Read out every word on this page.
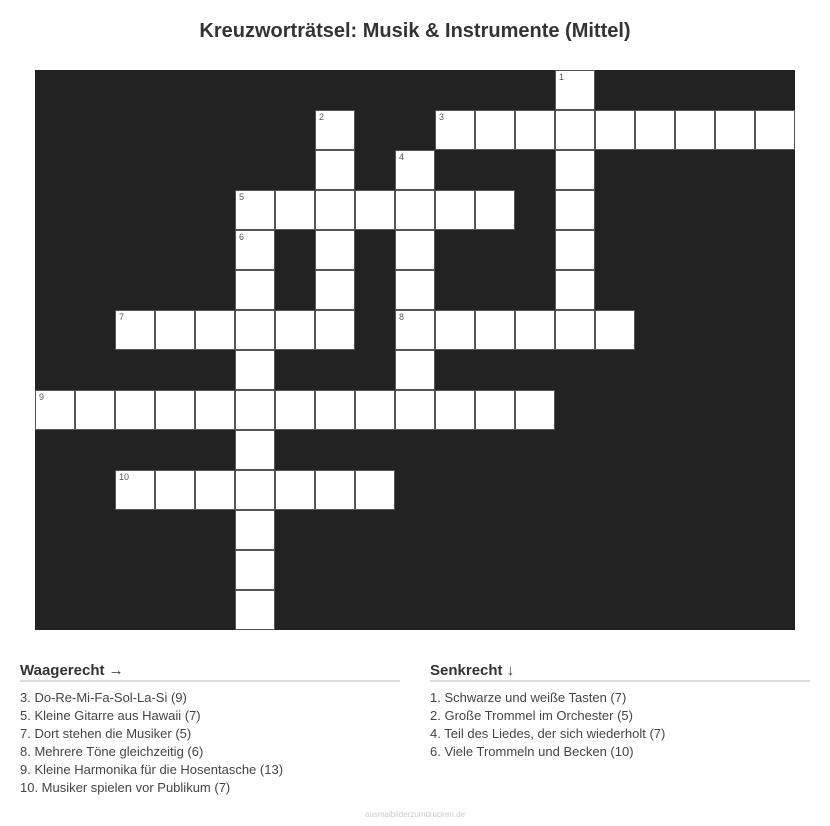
Kreuzworträtsel: Musik & Instrumente (Mittel)
1
2	3
4
5
6
7	8
9
10
Waagerecht →
3. Do-Re-Mi-Fa-Sol-La-Si (9)
5. Kleine Gitarre aus Hawaii (7)
7. Dort stehen die Musiker (5)
8. Mehrere Töne gleichzeitig (6)
9. Kleine Harmonika für die Hosentasche (13)
10. Musiker spielen vor Publikum (7)
Senkrecht ↓
1. Schwarze und weiße Tasten (7)
2. Große Trommel im Orchester (5)
4. Teil des Liedes, der sich wiederholt (7)
6. Viele Trommeln und Becken (10)
ausmalbilderzumdrucken.de
